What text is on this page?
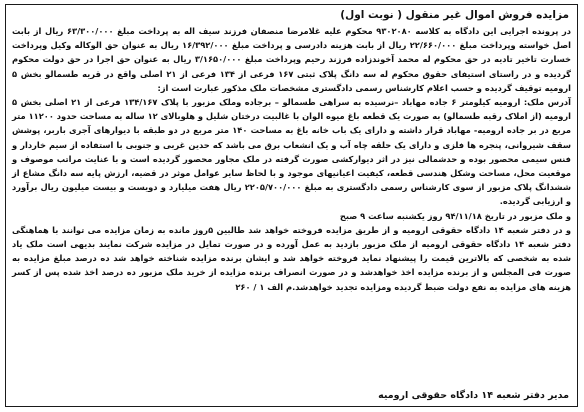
مزایده فروش اموال غیر منقول ( نوبت اول)

در پرونده اجرایی این دادگاه به کلاسه ۹۳۰۲۰۸۰ محکوم علیه غلامرضا منصفان فرزند سیف اله به پرداخت مبلغ ۶۳/۳۰۰/۰۰۰ ریال از بابت اصل خواسته وپرداخت مبلغ ۲۲/۶۶۰/۰۰۰ ریال از بابت هزینه دادرسی و پرداخت مبلغ ۱۶/۳۹۲/۰۰۰ ریال به عنوان حق الوکاله وکیل وپرداخت خسارت تاخیر تادیه در حق محکوم له محمد آخوندزاده فرزند رحیم وپرداخت مبلغ ۳/۱۶۵۰/۰۰۰ ریال به عنوان حق اجرا در حق دولت محکوم گردیده و در راستای استیفای حقوق محکوم له سه دانگ پلاک ثبتی ۱۶۷ فرعی از ۱۳۴ فرعی از ۲۱ اصلی واقع در قریه طسمالو بخش ۵ ارومیه توقیف گردیده و حسب اعلام کارشناس رسمی دادگستری مشخصات ملک مذکور عبارت است از:

آدرس ملک: ارومیه کیلومتر ۶ جاده مهاباد –نرسیده به سراهی طسمالو – برجاده وملک مزبور با پلاک ۱۳۴/۱۶۷ فرعی از ۲۱ اصلی بخش ۵ ارومیه (از املاک رقبه طسمالو) به صورت یک قطعه باغ میوه الوان با غالبیت درختان شلیل و هلوبالای ۱۲ ساله به مساحت حدود ۱۱۲۰۰ متر مربع در بر جاده ارومیه- مهاباد قرار داشته و دارای یک باب خانه باغ به مساحت ۱۴۰ متر مربع در دو طبقه با دیوارهای آجری باربر، پوشش سقف شیروانی، پنجره ها فلزی و دارای یک حلقه چاه آب و یک انشعاب برق می باشد که حدین غربی و جنوبی با استفاده از سیم خاردار و فنس سیمی محصور بوده و حدشمالی نیز در اثر دیوارکشی صورت گرفته در ملک مجاور محصور گردیده است و با عنایت مراتب موصوف و موقعیت محل، مساحت وشکل هندسی قطعه، کیفیت اعیانیهای موجود و با لحاظ سایر عوامل موثر در قضیه، ارزش پایه سه دانگ مشاع از ششدانگ پلاک مزبور از سوی کارشناس رسمی دادگستری به مبلغ ۲۲۰۵/۷۰۰/۰۰۰ ریال هفت میلیارد و دویست و بیست میلیون ریال برآورد و ارزیابی گردیده.

و ملک مزبور در تاریخ ۹۴/۱۱/۱۸ روز یکشنبه ساعت ۹ صبح

و در دفتر شعبه ۱۴ دادگاه حقوقی ارومیه و از طریق مزایده فروخته خواهد شد طالبین ۵روز مانده به زمان مزایده می توانند با هماهنگی دفتر شعبه ۱۴ دادگاه حقوقی ارومیه از ملک مزبور بازدید به عمل آورده و در صورت تمایل در مزایده شرکت نمایند بدیهی است ملک یاد شده به شخصی که بالاترین قیمت را پیشنهاد نماید فروخته خواهد شد و ایشان برنده مزایده شناخته خواهد شد ده درصد مبلغ مزایده به صورت فی المجلس و از برنده مزایده اخذ خواهدشد و در صورت انصراف برنده مزایده از خرید ملک مزبور ده درصد اخذ شده پس از کسر هزینه های مزایده به نفع دولت ضبط گردیده ومزایده تجدید خواهدشد.م الف ۱ / ۲۶۰

مدیر دفتر شعبه ۱۴ دادگاه حقوقی ارومیه
